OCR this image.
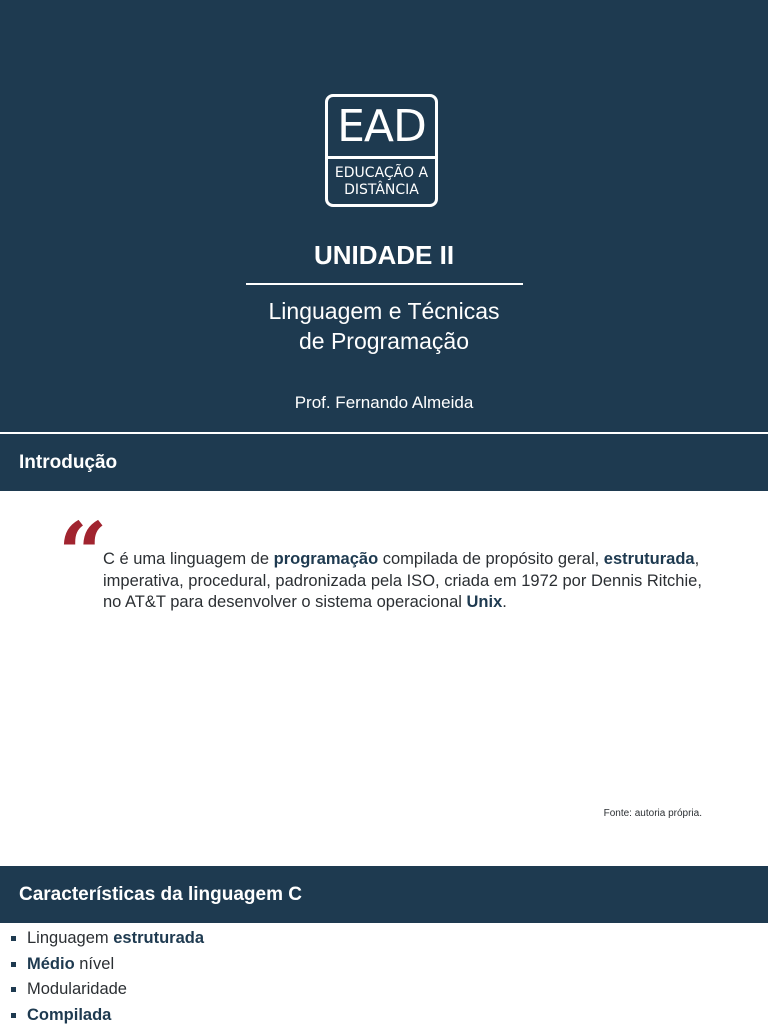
EAD
EDUCAÇÃO A
DISTÂNCIA
UNIDADE II
Linguagem e Técnicas
de Programação
Prof. Fernando Almeida
Introdução
“
C é uma linguagem de programação compilada de propósito geral, estruturada, imperativa, procedural, padronizada pela ISO, criada em 1972 por Dennis Ritchie, no AT&T para desenvolver o sistema operacional Unix.
Fonte: autoria própria.
Características da linguagem C
Linguagem estruturada
Médio nível
Modularidade
Compilada
